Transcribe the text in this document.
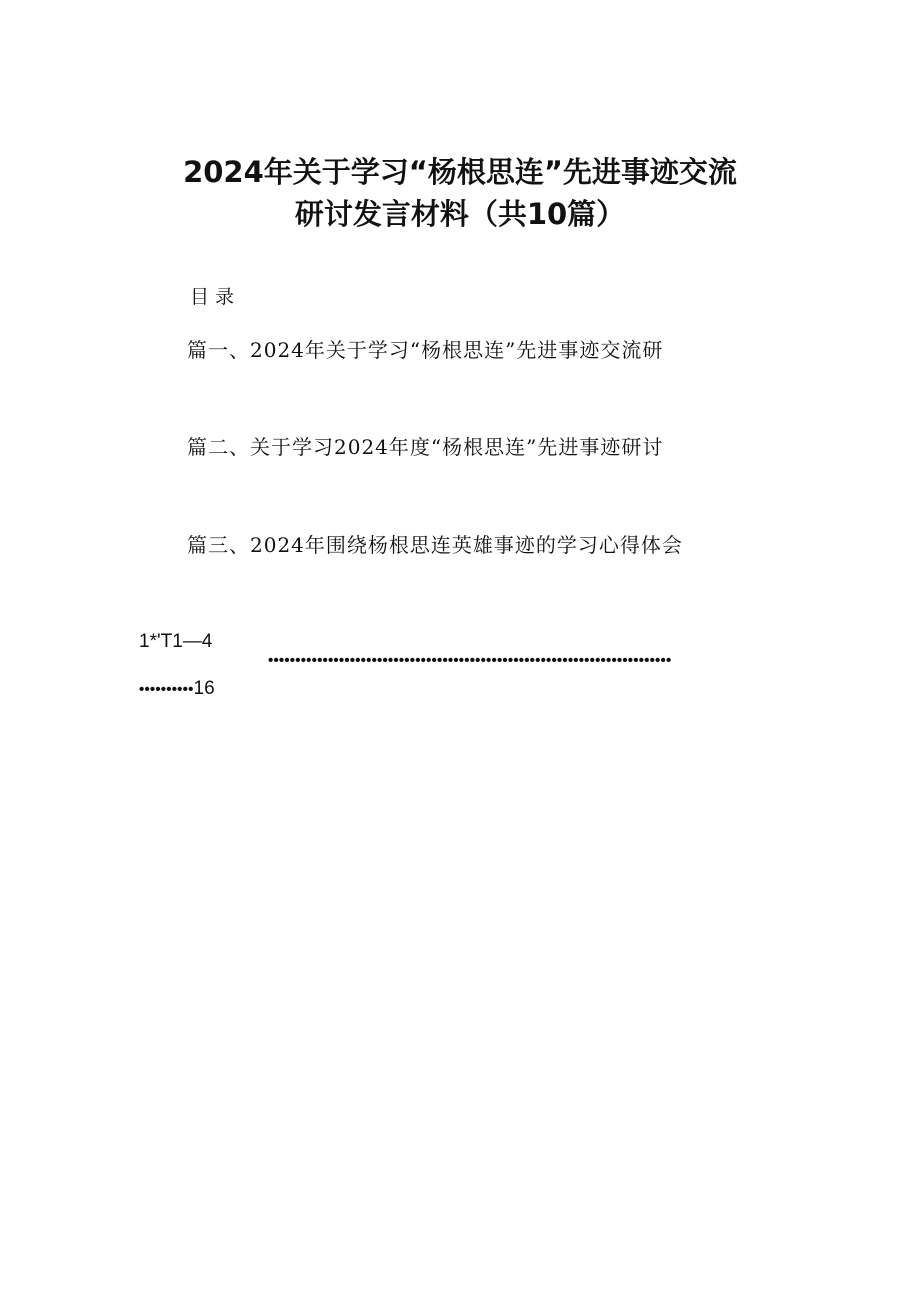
2024年关于学习“杨根思连”先进事迹交流
研讨发言材料（共10篇）
目录
篇一、2024年关于学习“杨根思连”先进事迹交流研
篇二、关于学习2024年度“杨根思连”先进事迹研讨
篇三、2024年围绕杨根思连英雄事迹的学习心得体会
1*'T1—4
••••••••••••••••••••••••••••••••••••••••••••••••••••••••••••••••••••••••••
••••••••••16
